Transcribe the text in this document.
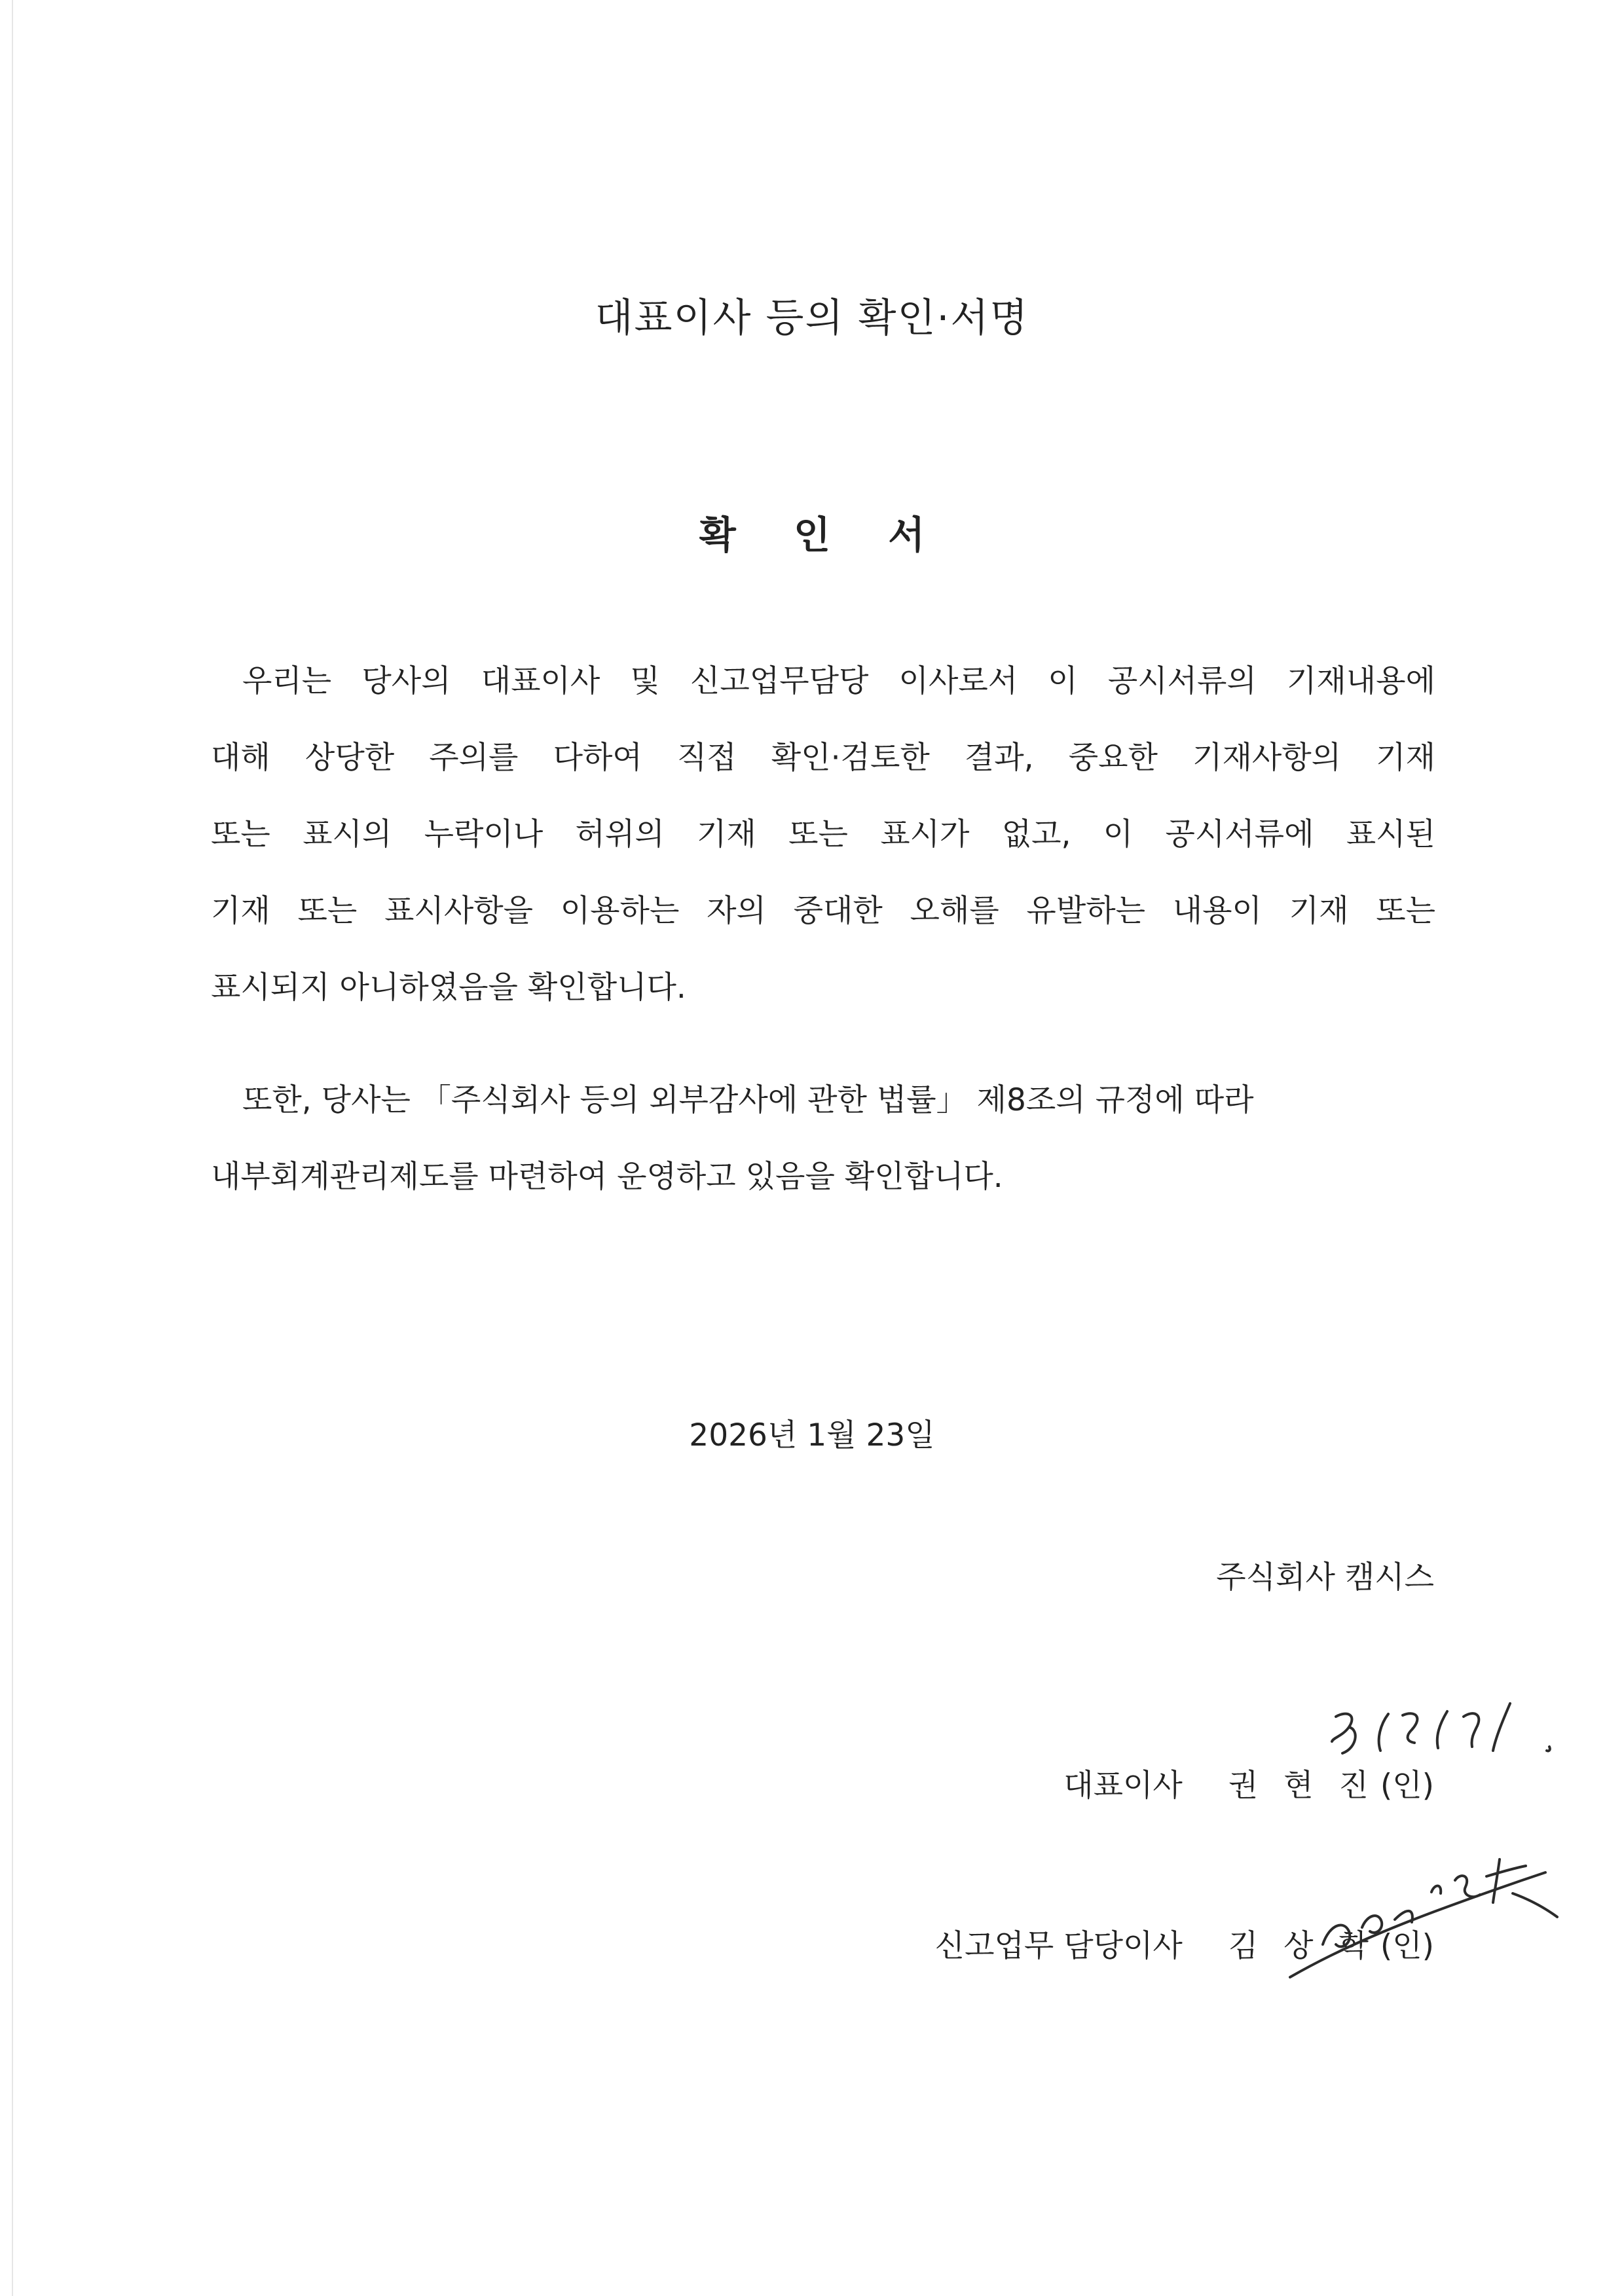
대표이사 등의 확인·서명
확 인 서
우리는 당사의 대표이사 및 신고업무담당 이사로서 이 공시서류의 기재내용에
대해 상당한 주의를 다하여 직접 확인·검토한 결과, 중요한 기재사항의 기재
또는 표시의 누락이나 허위의 기재 또는 표시가 없고, 이 공시서류에 표시된
기재 또는 표시사항을 이용하는 자의 중대한 오해를 유발하는 내용이 기재 또는
표시되지 아니하였음을 확인합니다.
또한, 당사는 「주식회사 등의 외부감사에 관한 법률」 제8조의 규정에 따라
내부회계관리제도를 마련하여 운영하고 있음을 확인합니다.
2026년 1월 23일
주식회사 캠시스
대표이사 권 현 진 (인)
신고업무 담당이사 김 상 학 (인)
